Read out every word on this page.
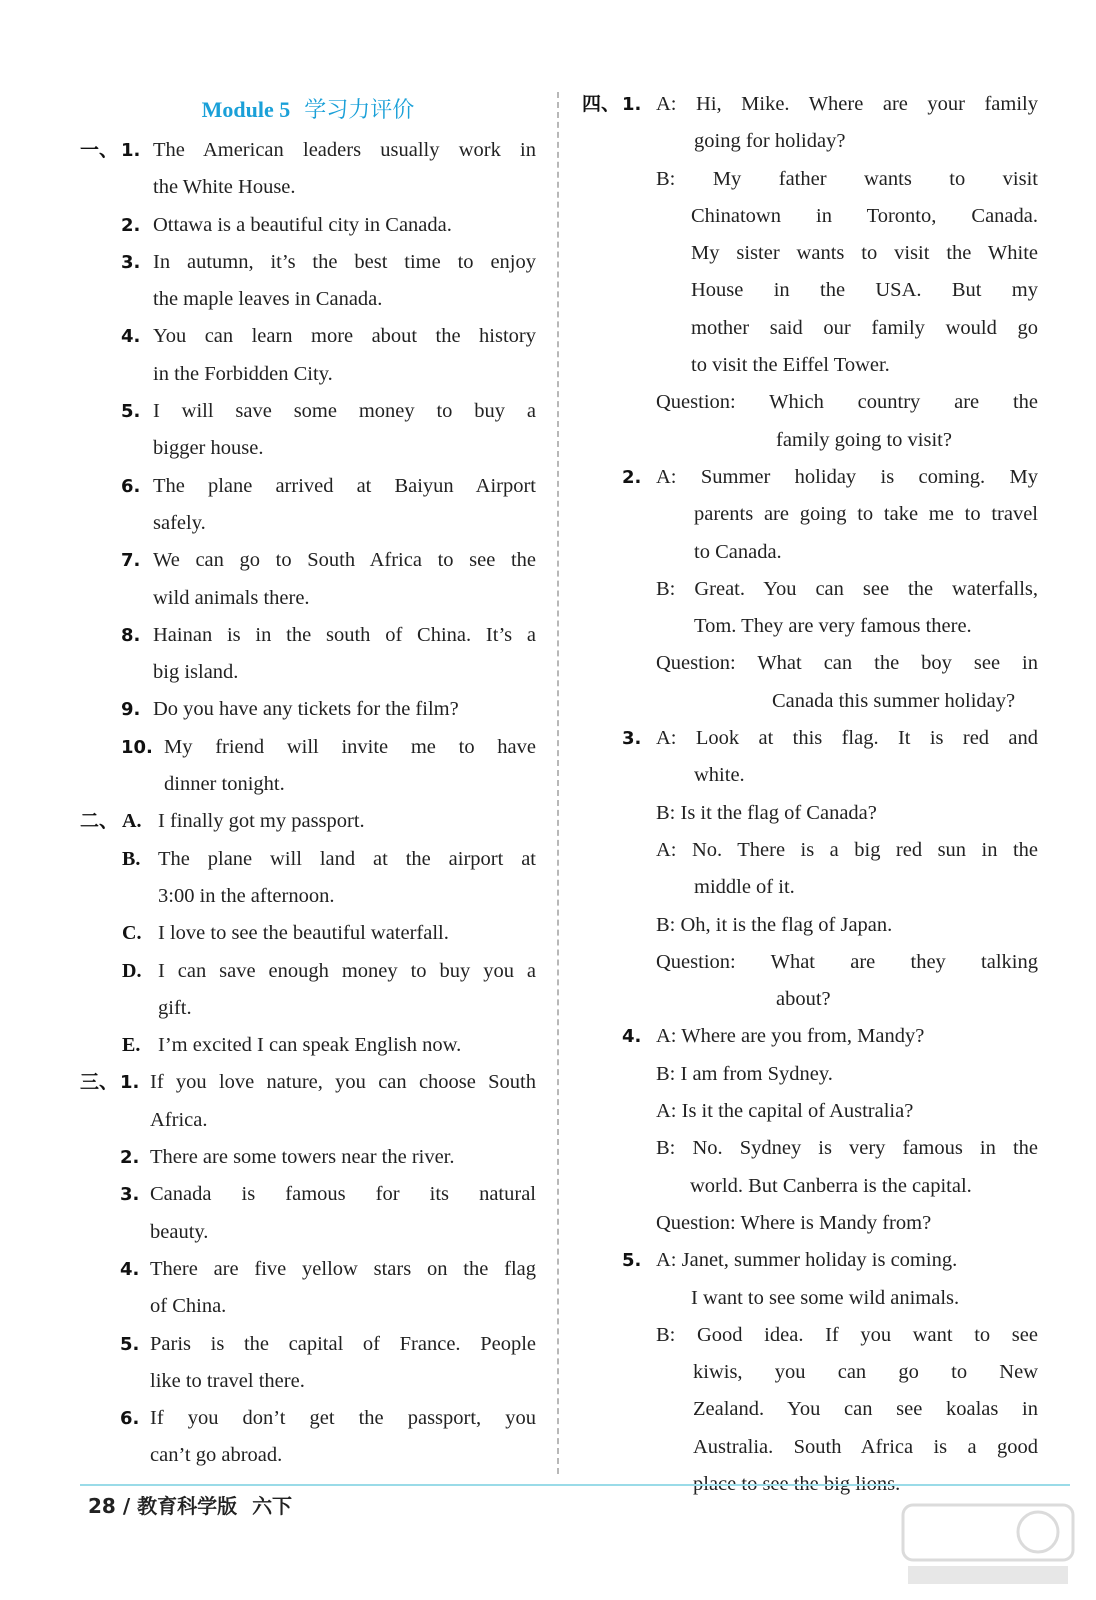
Module 5 学习力评价
一、 1. The American leaders usually work in
the White House.
2. Ottawa is a beautiful city in Canada.
3. In autumn, it’s the best time to enjoy
the maple leaves in Canada.
4. You can learn more about the history
in the Forbidden City.
5. I will save some money to buy a
bigger house.
6. The plane arrived at Baiyun Airport
safely.
7. We can go to South Africa to see the
wild animals there.
8. Hainan is in the south of China. It’s a
big island.
9. Do you have any tickets for the film?
10. My friend will invite me to have
dinner tonight.
二、 A. I finally got my passport.
B. The plane will land at the airport at
3:00 in the afternoon.
C. I love to see the beautiful waterfall.
D. I can save enough money to buy you a
gift.
E. I’m excited I can speak English now.
三、 1. If you love nature, you can choose South
Africa.
2. There are some towers near the river.
3. Canada is famous for its natural
beauty.
4. There are five yellow stars on the flag
of China.
5. Paris is the capital of France. People
like to travel there.
6. If you don’t get the passport, you
can’t go abroad.
四、 1. A: Hi, Mike. Where are your family
going for holiday?
B: My father wants to visit
Chinatown in Toronto, Canada.
My sister wants to visit the White
House in the USA. But my
mother said our family would go
to visit the Eiffel Tower.
Question: Which country are the
family going to visit?
2. A: Summer holiday is coming. My
parents are going to take me to travel
to Canada.
B: Great. You can see the waterfalls,
Tom. They are very famous there.
Question: What can the boy see in
Canada this summer holiday?
3. A: Look at this flag. It is red and
white.
B: Is it the flag of Canada?
A: No. There is a big red sun in the
middle of it.
B: Oh, it is the flag of Japan.
Question: What are they talking
about?
4. A: Where are you from, Mandy?
B: I am from Sydney.
A: Is it the capital of Australia?
B: No. Sydney is very famous in the
world. But Canberra is the capital.
Question: Where is Mandy from?
5. A: Janet, summer holiday is coming.
I want to see some wild animals.
B: Good idea. If you want to see
kiwis, you can go to New
Zealand. You can see koalas in
Australia. South Africa is a good
place to see the big lions.
28 / 教育科学版 六下
